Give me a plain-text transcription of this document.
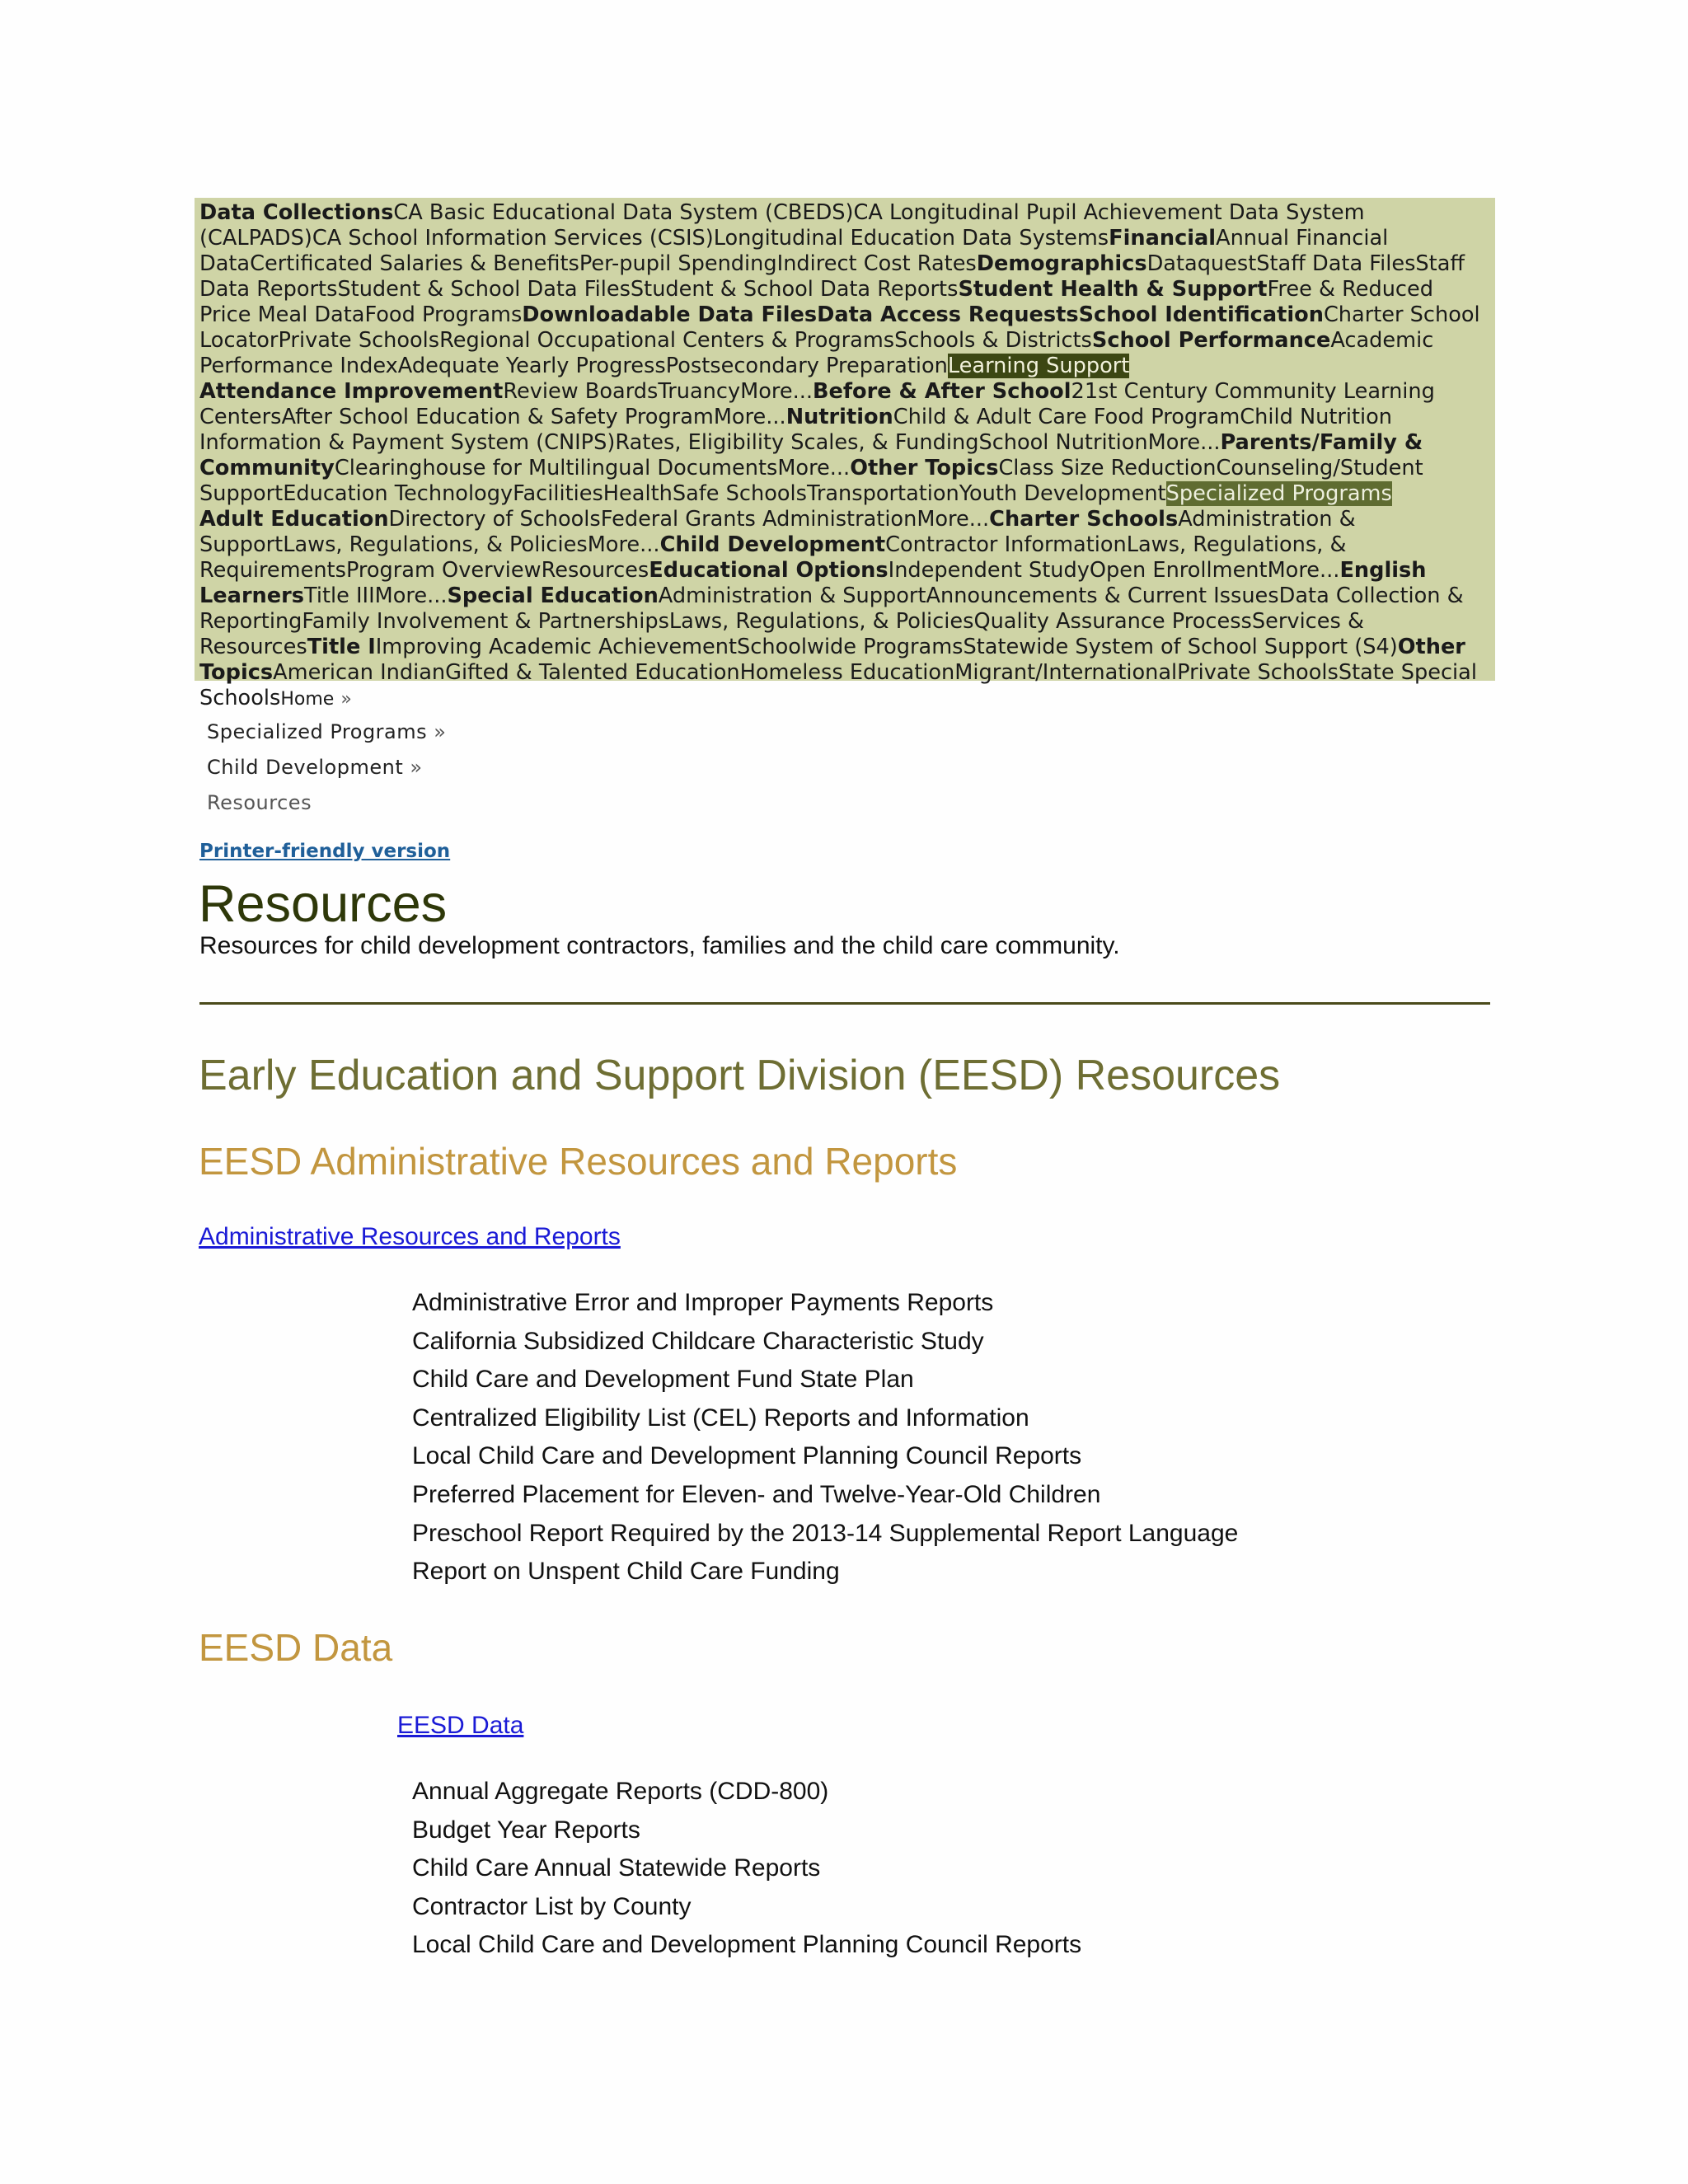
Data CollectionsCA Basic Educational Data System (CBEDS)CA Longitudinal Pupil Achievement Data System (CALPADS)CA School Information Services (CSIS)Longitudinal Education Data SystemsFinancialAnnual Financial DataCertificated Salaries & BenefitsPer-pupil SpendingIndirect Cost RatesDemographicsDataquestStaff Data FilesStaff Data ReportsStudent & School Data FilesStudent & School Data ReportsStudent Health & SupportFree & Reduced Price Meal DataFood ProgramsDownloadable Data FilesData Access RequestsSchool IdentificationCharter School LocatorPrivate SchoolsRegional Occupational Centers & ProgramsSchools & DistrictsSchool PerformanceAcademic Performance IndexAdequate Yearly ProgressPostsecondary PreparationLearning Support
Attendance ImprovementReview BoardsTruancyMore...Before & After School21st Century Community Learning CentersAfter School Education & Safety ProgramMore...NutritionChild & Adult Care Food ProgramChild Nutrition Information & Payment System (CNIPS)Rates, Eligibility Scales, & FundingSchool NutritionMore...Parents/Family & CommunityClearinghouse for Multilingual DocumentsMore...Other TopicsClass Size ReductionCounseling/Student SupportEducation TechnologyFacilitiesHealthSafe SchoolsTransportationYouth DevelopmentSpecialized Programs
Adult EducationDirectory of SchoolsFederal Grants AdministrationMore...Charter SchoolsAdministration & SupportLaws, Regulations, & PoliciesMore...Child DevelopmentContractor InformationLaws, Regulations, & RequirementsProgram OverviewResourcesEducational OptionsIndependent StudyOpen EnrollmentMore...English LearnersTitle IIIMore...Special EducationAdministration & SupportAnnouncements & Current IssuesData Collection & ReportingFamily Involvement & PartnershipsLaws, Regulations, & PoliciesQuality Assurance ProcessServices & ResourcesTitle IImproving Academic AchievementSchoolwide ProgramsStatewide System of School Support (S4)Other TopicsAmerican IndianGifted & Talented EducationHomeless EducationMigrant/InternationalPrivate SchoolsState Special SchoolsHome »
Specialized Programs »
Child Development »
Resources
Printer-friendly version
Resources
Resources for child development contractors, families and the child care community.
Early Education and Support Division (EESD) Resources
EESD Administrative Resources and Reports
Administrative Resources and Reports
Administrative Error and Improper Payments Reports
California Subsidized Childcare Characteristic Study
Child Care and Development Fund State Plan
Centralized Eligibility List (CEL) Reports and Information
Local Child Care and Development Planning Council Reports
Preferred Placement for Eleven- and Twelve-Year-Old Children
Preschool Report Required by the 2013-14 Supplemental Report Language
Report on Unspent Child Care Funding
EESD Data
EESD Data
Annual Aggregate Reports (CDD-800)
Budget Year Reports
Child Care Annual Statewide Reports
Contractor List by County
Local Child Care and Development Planning Council Reports
